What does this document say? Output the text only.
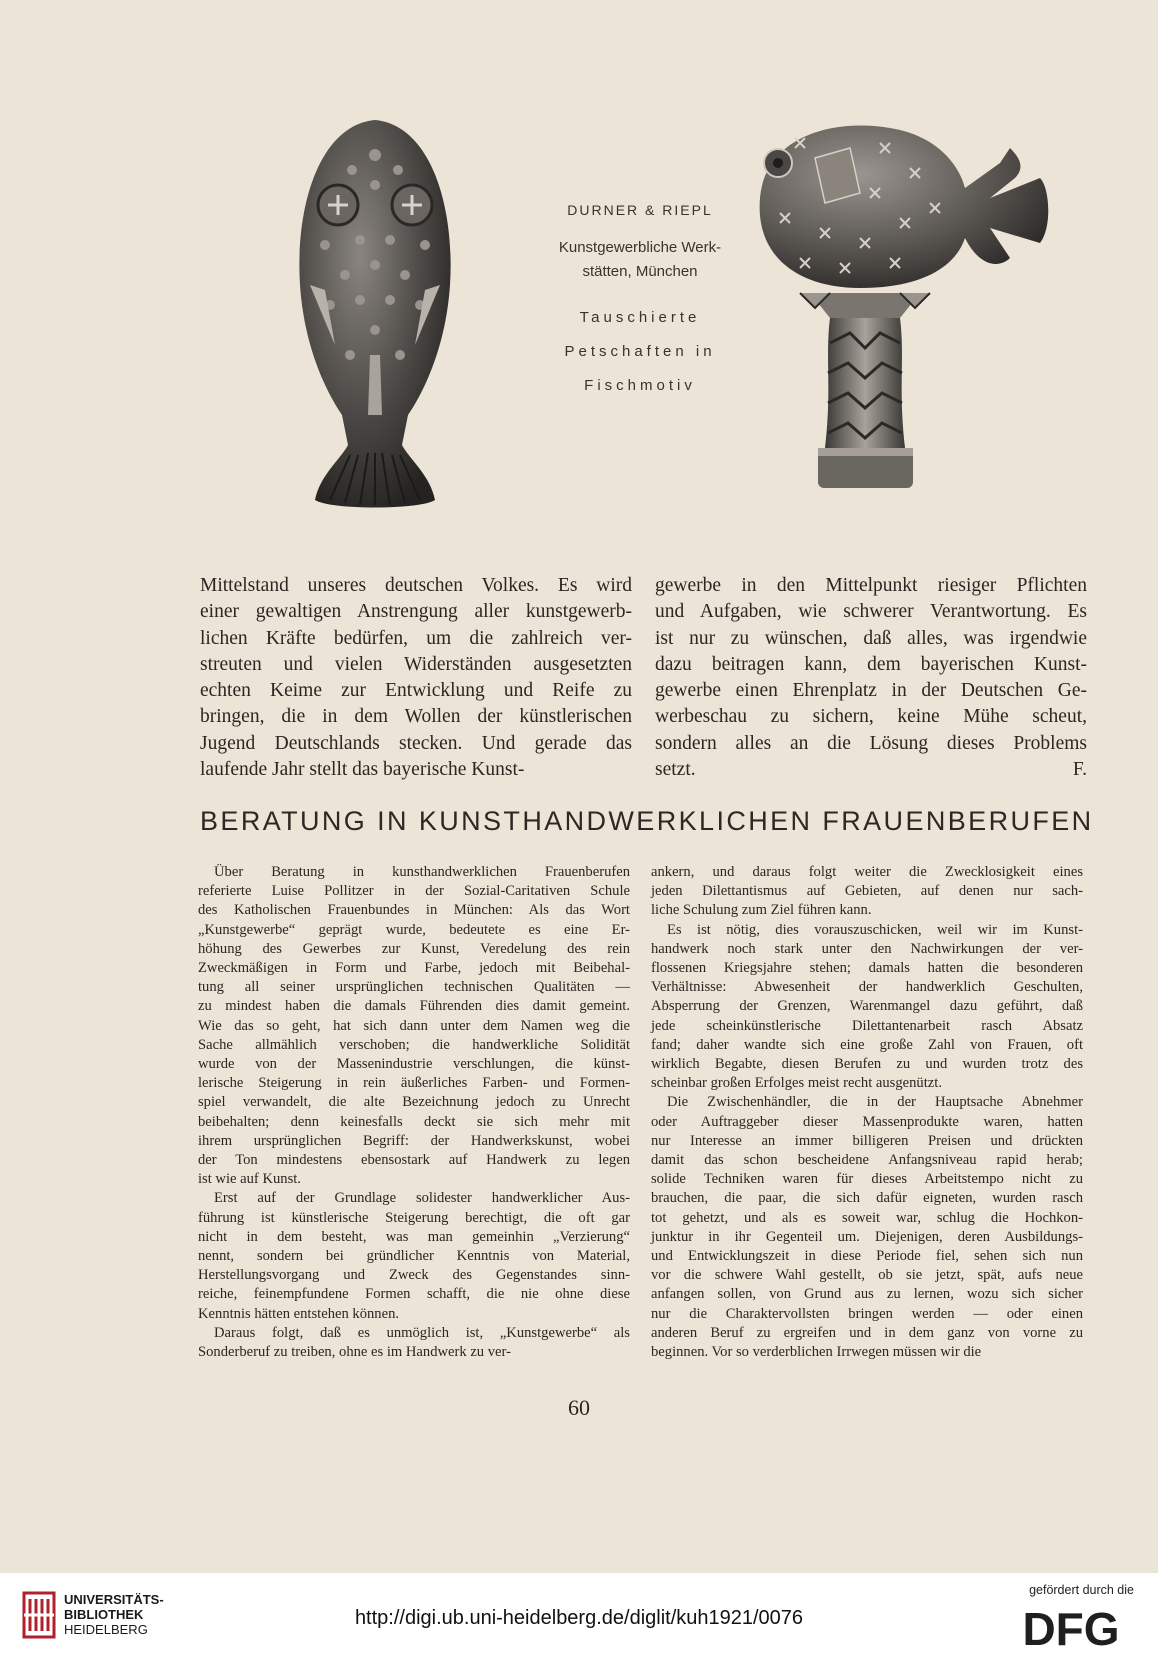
DURNER & RIEPL
Kunstgewerbliche Werk-
stätten, München
Tauschierte
Petschaften in
Fischmotiv
Mittelstand unseres deutschen Volkes. Es wird
einer gewaltigen Anstrengung aller kunstgewerb-
lichen Kräfte bedürfen, um die zahlreich ver-
streuten und vielen Widerständen ausgesetzten
echten Keime zur Entwicklung und Reife zu
bringen, die in dem Wollen der künstlerischen
Jugend Deutschlands stecken. Und gerade das
laufende Jahr stellt das bayerische Kunst-
gewerbe in den Mittelpunkt riesiger Pflichten
und Aufgaben, wie schwerer Verantwortung. Es
ist nur zu wünschen, daß alles, was irgendwie
dazu beitragen kann, dem bayerischen Kunst-
gewerbe einen Ehrenplatz in der Deutschen Ge-
werbeschau zu sichern, keine Mühe scheut,
sondern alles an die Lösung dieses Problems
setzt.	F.
BERATUNG IN KUNSTHANDWERKLICHEN FRAUENBERUFEN
Über Beratung in kunsthandwerklichen Frauenberufen
referierte Luise Pollitzer in der Sozial-Caritativen Schule
des Katholischen Frauenbundes in München: Als das Wort
„Kunstgewerbe“ geprägt wurde, bedeutete es eine Er-
höhung des Gewerbes zur Kunst, Veredelung des rein
Zweckmäßigen in Form und Farbe, jedoch mit Beibehal-
tung all seiner ursprünglichen technischen Qualitäten —
zu mindest haben die damals Führenden dies damit gemeint.
Wie das so geht, hat sich dann unter dem Namen weg die
Sache allmählich verschoben; die handwerkliche Solidität
wurde von der Massenindustrie verschlungen, die künst-
lerische Steigerung in rein äußerliches Farben- und Formen-
spiel verwandelt, die alte Bezeichnung jedoch zu Unrecht
beibehalten; denn keinesfalls deckt sie sich mehr mit
ihrem ursprünglichen Begriff: der Handwerkskunst, wobei
der Ton mindestens ebensostark auf Handwerk zu legen
ist wie auf Kunst.
Erst auf der Grundlage solidester handwerklicher Aus-
führung ist künstlerische Steigerung berechtigt, die oft gar
nicht in dem besteht, was man gemeinhin „Verzierung“
nennt, sondern bei gründlicher Kenntnis von Material,
Herstellungsvorgang und Zweck des Gegenstandes sinn-
reiche, feinempfundene Formen schafft, die nie ohne diese
Kenntnis hätten entstehen können.
Daraus folgt, daß es unmöglich ist, „Kunstgewerbe“ als
Sonderberuf zu treiben, ohne es im Handwerk zu ver-
ankern, und daraus folgt weiter die Zwecklosigkeit eines
jeden Dilettantismus auf Gebieten, auf denen nur sach-
liche Schulung zum Ziel führen kann.
Es ist nötig, dies vorauszuschicken, weil wir im Kunst-
handwerk noch stark unter den Nachwirkungen der ver-
flossenen Kriegsjahre stehen; damals hatten die besonderen
Verhältnisse: Abwesenheit der handwerklich Geschulten,
Absperrung der Grenzen, Warenmangel dazu geführt, daß
jede scheinkünstlerische Dilettantenarbeit rasch Absatz
fand; daher wandte sich eine große Zahl von Frauen, oft
wirklich Begabte, diesen Berufen zu und wurden trotz des
scheinbar großen Erfolges meist recht ausgenützt.
Die Zwischenhändler, die in der Hauptsache Abnehmer
oder Auftraggeber dieser Massenprodukte waren, hatten
nur Interesse an immer billigeren Preisen und drückten
damit das schon bescheidene Anfangsniveau rapid herab;
solide Techniken waren für dieses Arbeitstempo nicht zu
brauchen, die paar, die sich dafür eigneten, wurden rasch
tot gehetzt, und als es soweit war, schlug die Hochkon-
junktur in ihr Gegenteil um. Diejenigen, deren Ausbildungs-
und Entwicklungszeit in diese Periode fiel, sehen sich nun
vor die schwere Wahl gestellt, ob sie jetzt, spät, aufs neue
anfangen sollen, von Grund aus zu lernen, wozu sich sicher
nur die Charaktervollsten bringen werden — oder einen
anderen Beruf zu ergreifen und in dem ganz von vorne zu
beginnen. Vor so verderblichen Irrwegen müssen wir die
60
UNIVERSITÄTS-
BIBLIOTHEK
HEIDELBERG
http://digi.ub.uni-heidelberg.de/diglit/kuh1921/0076
gefördert durch die
DFG
